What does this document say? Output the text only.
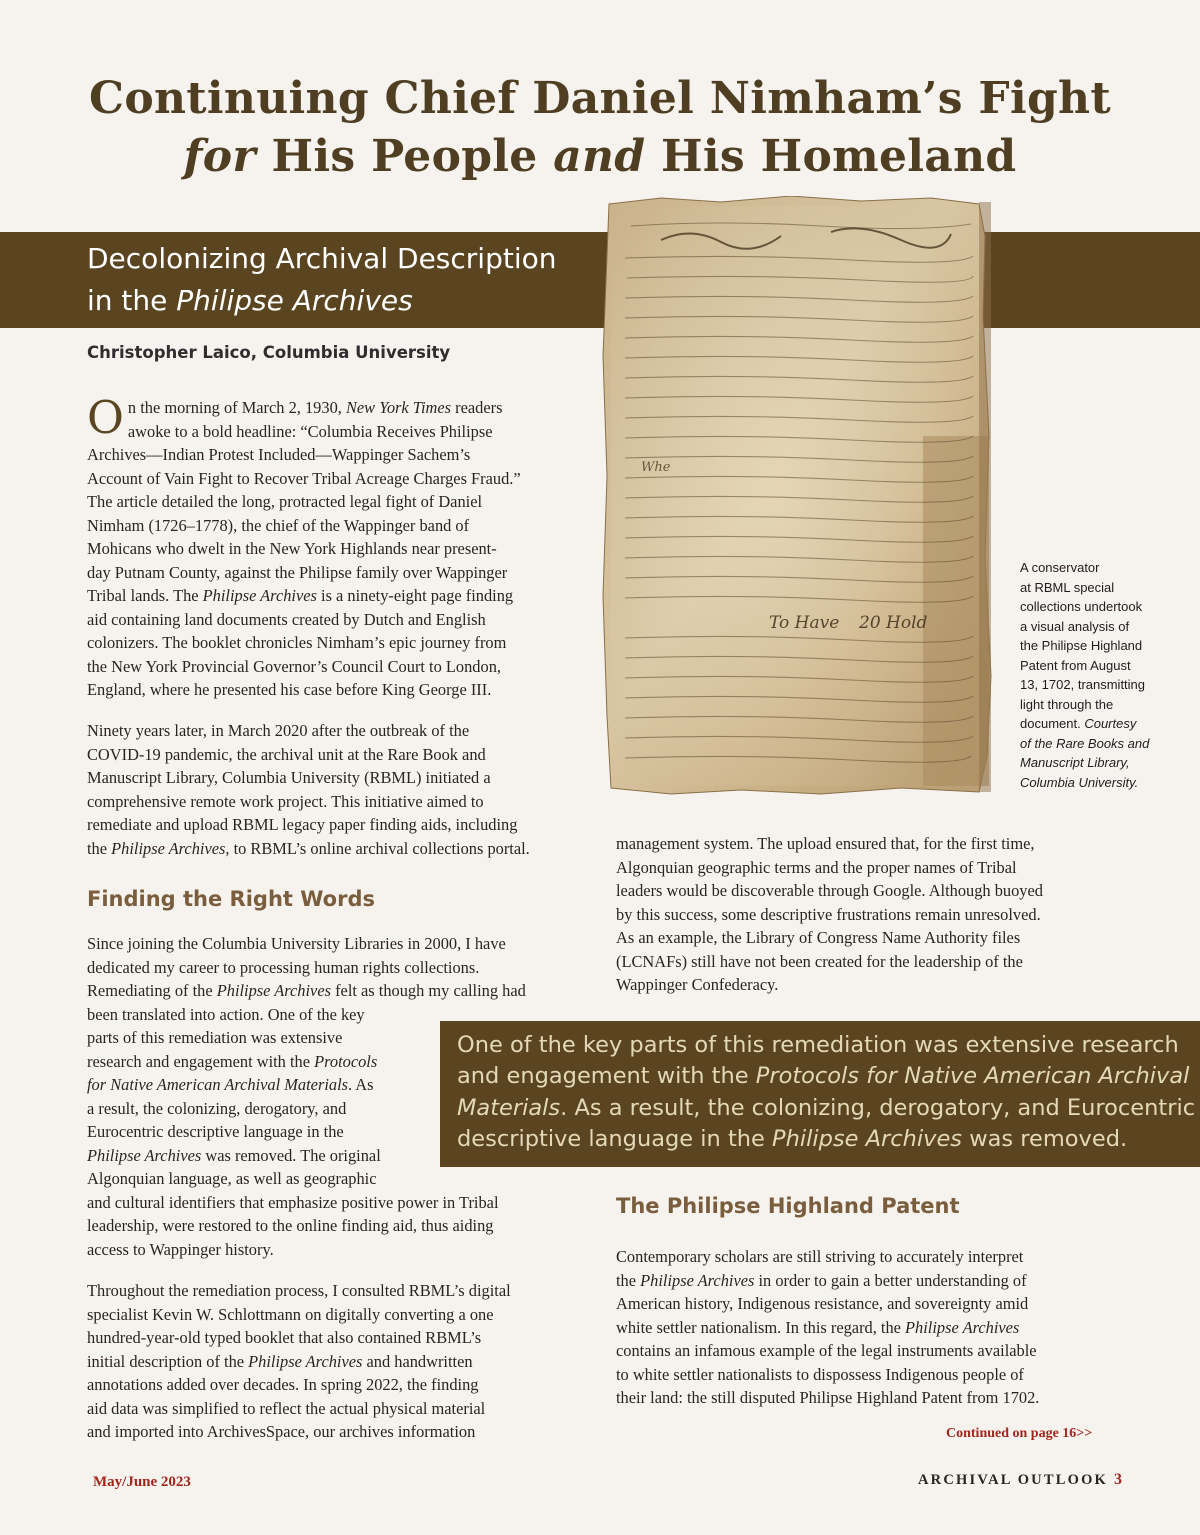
Continuing Chief Daniel Nimham’s Fight
for His People and His Homeland
Decolonizing Archival Description
in the Philipse Archives
To Have 20 Hold
Whe
A conservator
at RBML special
collections undertook
a visual analysis of
the Philipse Highland
Patent from August
13, 1702, transmitting
light through the
document. Courtesy
of the Rare Books and
Manuscript Library,
Columbia University.
Christopher Laico, Columbia University
O n the morning of March 2, 1930, New York Times readers
awoke to a bold headline: “Columbia Receives Philipse
Archives—Indian Protest Included—Wappinger Sachem’s
Account of Vain Fight to Recover Tribal Acreage Charges Fraud.”
The article detailed the long, protracted legal fight of Daniel
Nimham (1726–1778), the chief of the Wappinger band of
Mohicans who dwelt in the New York Highlands near present-
day Putnam County, against the Philipse family over Wappinger
Tribal lands. The Philipse Archives is a ninety-eight page finding
aid containing land documents created by Dutch and English
colonizers. The booklet chronicles Nimham’s epic journey from
the New York Provincial Governor’s Council Court to London,
England, where he presented his case before King George III.
Ninety years later, in March 2020 after the outbreak of the
COVID-19 pandemic, the archival unit at the Rare Book and
Manuscript Library, Columbia University (RBML) initiated a
comprehensive remote work project. This initiative aimed to
remediate and upload RBML legacy paper finding aids, including
the Philipse Archives, to RBML’s online archival collections portal.
Finding the Right Words
Since joining the Columbia University Libraries in 2000, I have
dedicated my career to processing human rights collections.
Remediating of the Philipse Archives felt as though my calling had
been translated into action. One of the key
parts of this remediation was extensive
research and engagement with the Protocols
for Native American Archival Materials. As
a result, the colonizing, derogatory, and
Eurocentric descriptive language in the
Philipse Archives was removed. The original
Algonquian language, as well as geographic
and cultural identifiers that emphasize positive power in Tribal
leadership, were restored to the online finding aid, thus aiding
access to Wappinger history.
Throughout the remediation process, I consulted RBML’s digital
specialist Kevin W. Schlottmann on digitally converting a one
hundred-year-old typed booklet that also contained RBML’s
initial description of the Philipse Archives and handwritten
annotations added over decades. In spring 2022, the finding
aid data was simplified to reflect the actual physical material
and imported into ArchivesSpace, our archives information
management system. The upload ensured that, for the first time,
Algonquian geographic terms and the proper names of Tribal
leaders would be discoverable through Google. Although buoyed
by this success, some descriptive frustrations remain unresolved.
As an example, the Library of Congress Name Authority files
(LCNAFs) still have not been created for the leadership of the
Wappinger Confederacy.
One of the key parts of this remediation was extensive research
and engagement with the Protocols for Native American Archival
Materials. As a result, the colonizing, derogatory, and Eurocentric
descriptive language in the Philipse Archives was removed.
The Philipse Highland Patent
Contemporary scholars are still striving to accurately interpret
the Philipse Archives in order to gain a better understanding of
American history, Indigenous resistance, and sovereignty amid
white settler nationalism. In this regard, the Philipse Archives
contains an infamous example of the legal instruments available
to white settler nationalists to dispossess Indigenous people of
their land: the still disputed Philipse Highland Patent from 1702.
Continued on page 16>>
May/June 2023	ARCHIVAL OUTLOOK 3
